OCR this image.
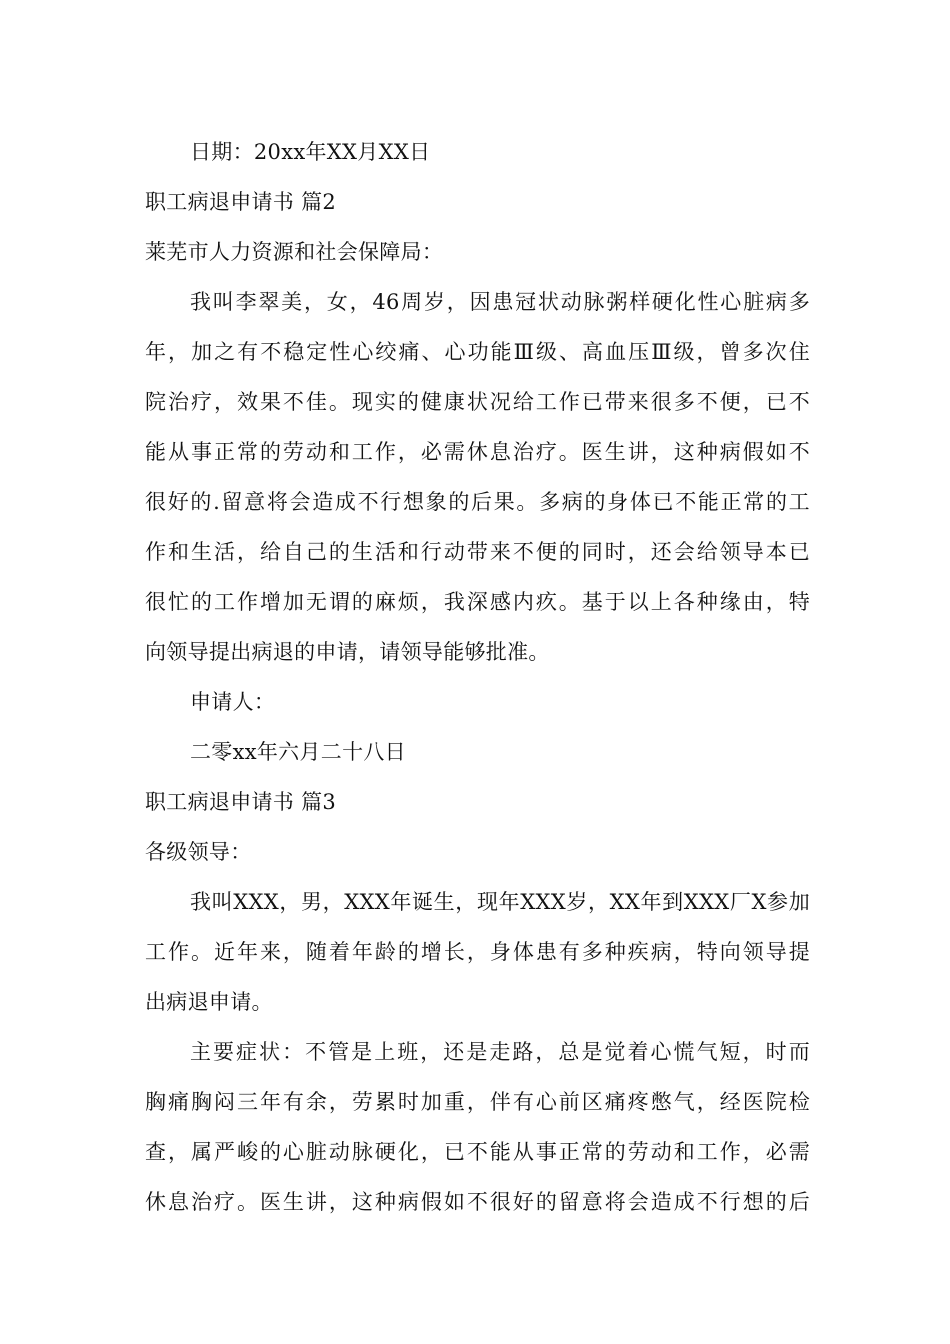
日期：20xx年XX月XX日
职工病退申请书 篇2
莱芜市人力资源和社会保障局：
我叫李翠美，女，46周岁，因患冠状动脉粥样硬化性心脏病多
年，加之有不稳定性心绞痛、心功能Ⅲ级、高血压Ⅲ级，曾多次住
院治疗，效果不佳。现实的健康状况给工作已带来很多不便，已不
能从事正常的劳动和工作，必需休息治疗。医生讲，这种病假如不
很好的.留意将会造成不行想象的后果。多病的身体已不能正常的工
作和生活，给自己的生活和行动带来不便的同时，还会给领导本已
很忙的工作增加无谓的麻烦，我深感内疚。基于以上各种缘由，特
向领导提出病退的申请，请领导能够批准。
申请人：
二零xx年六月二十八日
职工病退申请书 篇3
各级领导：
我叫XXX，男，XXX年诞生，现年XXX岁，XX年到XXX厂X参加
工作。近年来，随着年龄的增长，身体患有多种疾病，特向领导提
出病退申请。
主要症状：不管是上班，还是走路，总是觉着心慌气短，时而
胸痛胸闷三年有余，劳累时加重，伴有心前区痛疼憋气，经医院检
查，属严峻的心脏动脉硬化，已不能从事正常的劳动和工作，必需
休息治疗。医生讲，这种病假如不很好的留意将会造成不行想的后
